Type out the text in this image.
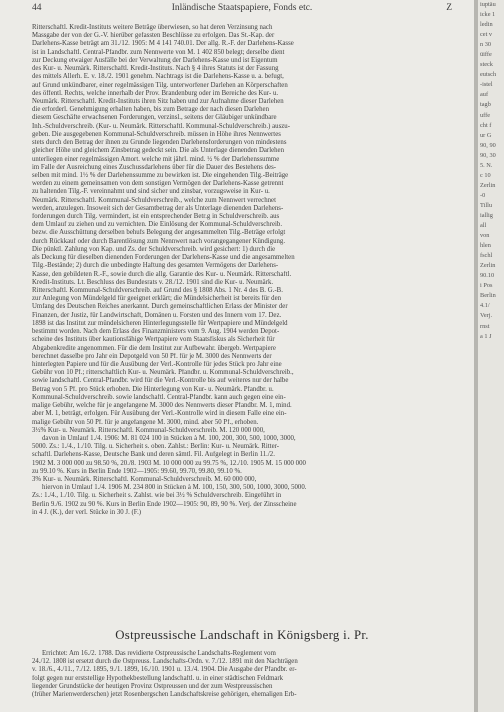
44	Inländische Staatspapiere, Fonds etc.	Z
Ritterschaftl. Kredit-Instituts weitere Beträge überwiesen, so hat deren Verzinsung nach
Massgabe der von der G.-V. hierüber gefassten Beschlüsse zu erfolgen. Das St.-Kap. der
Darlehens-Kasse beträgt am 31./12. 1905: M 4 141 740.01. Der allg. R.-F. der Darlehens-Kasse
ist in Landschaftl. Central-Pfandbr. zum Nennwerte von M. 1 402 850 belegt; derselbe dient
zur Deckung etwaiger Ausfälle bei der Verwaltung der Darlehens-Kasse und ist Eigentum
des Kur- u. Neumärk. Ritterschaftl. Kredit-Instituts. Nach § 4 ihres Statuts ist der Fassung
des mittels Allerh. E. v. 18./2. 1901 genehm. Nachtrags ist die Darlehens-Kasse u. a. befugt,
auf Grund unkündbarer, einer regelmässigen Tilg. unterworfener Darlehen an Körperschaften
des öffentl. Rechts, welche innerhalb der Prov. Brandenburg oder im Bereiche des Kur- u.
Neumärk. Ritterschaftl. Kredit-Instituts ihren Sitz haben und zur Aufnahme dieser Darlehen
die erforderl. Genehmigung erhalten haben, bis zum Betrage der nach diesen Darlehen
diesem Geschäfte erwachsenen Forderungen, verzinsl., seitens der Gläubiger unkündbare
Inh.-Schuldverschreib. (Kur- u. Neumärk. Ritterschaftl. Kommunal-Schuldverschreib.) auszu-
geben. Die ausgegebenen Kommunal-Schuldverschreib. müssen in Höhe ihres Nennwertes
stets durch den Betrag der ihnen zu Grunde liegenden Darlehensforderungen von mindestens
gleicher Höhe und gleichem Zinsbetrag gedeckt sein. Die als Unterlage dienenden Darlehen
unterliegen einer regelmässigen Amort. welche mit jährl. mind. ½ % der Darlehenssumme
im Falle der Ausreichung eines Zuschussdarlehens über für die Dauer des Bestehens des-
selben mit mind. 1½ % der Darlehenssumme zu bewirken ist. Die eingehenden Tilg.-Beiträge
werden zu einem gemeinsamen von dem sonstigen Vermögen der Darlehens-Kasse getrennt
zu haltenden Tilg.-F. vereinnahmt und sind sicher und zinsbar, vorzugsweise in Kur- u.
Neumärk. Ritterschaftl. Kommunal-Schuldverschreib., welche zum Nennwert verrechnet
werden, anzulegen. Insoweit sich der Gesamtbetrag der als Unterlage dienenden Darlehens-
forderungen durch Tilg. vermindert, ist ein entsprechender Betr.g in Schuldverschreib. aus
dem Umlauf zu ziehen und zu vernichten. Die Einlösung der Kommunal-Schuldverschreib.
bezw. die Ausschüttung derselben behufs Belegung der angesammelten Tilg.-Beträge erfolgt
durch Rückkauf oder durch Barentlösung zum Nennwert nach vorangegangener Kündigung.
Die pünktl. Zahlung von Kap. und Zs. der Schuldverschreib. wird gesichert: 1) durch die
als Deckung für dieselben dienenden Forderungen der Darlehens-Kasse und die angesammelten
Tilg.-Bestände; 2) durch die unbedingte Haftung des gesamten Vermögens der Darlehens-
Kasse, den gebildeten R.-F., sowie durch die allg. Garantie des Kur- u. Neumärk. Ritterschaftl.
Kredit-Instituts. Lt. Beschluss des Bundesrats v. 28./12. 1901 sind die Kur- u. Neumärk.
Ritterschaftl. Kommunal-Schuldverschreib. auf Grund des § 1808 Abs. 1 Nr. 4 des B. G.-B.
zur Anlegung von Mündelgeld für geeignet erklärt; die Mündelsicherheit ist bereits für den
Umfang des Deutschen Reiches anerkannt. Durch gemeinschaftlichen Erlass der Minister der
Finanzen, der Justiz, für Landwirtschaft, Domänen u. Forsten und des Innern vom 17. Dez.
1898 ist das Institut zur mündelsicheren Hinterlegungsstelle für Wertpapiere und Mündelgeld
bestimmt worden. Nach dem Erlass des Finanzministers vom 9. Aug. 1904 werden Depot-
scheine des Instituts über kautionsfähige Wertpapiere vom Staatsfiskus als Sicherheit für
Abgabenkredite angenommen. Für die dem Institut zur Aufbewahr. übergeb. Wertpapiere
berechnet dasselbe pro Jahr ein Depotgeld von 50 Pf. für je M. 3000 des Nennwerts der
hinterlegten Papiere und für die Ausübung der Verl.-Kontrolle für jedes Stück pro Jahr eine
Gebühr von 10 Pf.; ritterschaftlich Kur- u. Neumärk. Pfandbr. u. Kommunal-Schuldverschreib.,
sowie landschaftl. Central-Pfandbr. wird für die Verl.-Kontrolle bis auf weiteres nur der halbe
Betrag von 5 Pf. pro Stück erhoben. Die Hinterlegung von Kur- u. Neumärk. Pfandbr. u.
Kommunal-Schuldverschreib. sowie landschaftl. Central-Pfandbr. kann auch gegen eine ein-
malige Gebühr, welche für je angefangene M. 3000 des Nennwerts dieser Pfandbr. M. 1, mind.
aber M. 1, beträgt, erfolgen. Für Ausübung der Verl.-Kontrolle wird in diesem Falle eine ein-
malige Gebühr von 50 Pf. für je angefangene M. 3000, mind. aber 50 Pf., erhoben.
3½% Kur- u. Neumärk. Ritterschaftl. Kommunal-Schuldverschreib. M. 120 000 000,
davon in Umlauf 1./4. 1906: M. 81 024 100 in Stücken à M. 100, 200, 300, 500, 1000, 3000,
5000. Zs.: 1./4., 1./10. Tilg. u. Sicherheit s. oben. Zahlst.: Berlin: Kur- u. Neumärk. Ritter-
schaftl. Darlehens-Kasse, Deutsche Bank und deren sämtl. Fil. Aufgelegt in Berlin 11./2.
1902 M. 3 000 000 zu 98.50 %, 20./8. 1903 M. 10 000 000 zu 99.75 %, 12./10. 1905 M. 15 000 000
zu 99.10 %. Kurs in Berlin Ende 1902—1905: 99.60, 99.70, 99.80, 99.10 %.
3% Kur- u. Neumärk. Ritterschaftl. Kommunal-Schuldverschreib. M. 60 000 000,
hiervon in Umlauf 1./4. 1906 M. 234 800 in Stücken à M. 100, 150, 300, 500, 1000, 3000, 5000.
Zs.: 1./4., 1./10. Tilg. u. Sicherheit s. Zahlst. wie bei 3½ % Schuldverschreib. Eingeführt in
Berlin 9./6. 1902 zu 90 %. Kurs in Berlin Ende 1902—1905: 90, 89, 90 %. Verj. der Zinsscheine
in 4 J. (K.), der verl. Stücke in 30 J. (F.)
Ostpreussische Landschaft in Königsberg i. Pr.
Errichtet: Am 16./2. 1788. Das revidierte Ostpreussische Landschafts-Reglement vom
24./12. 1808 ist ersetzt durch die Ostpreuss. Landschafts-Ordn. v. 7./12. 1891 mit den Nachträgen
v. 18./6., 4./11., 7./12. 1895, 9./1. 1899, 16./10. 1901 u. 13./4. 1904. Die Ausgabe der Pfandbr. er-
folgt gegen nur erststellige Hypothekbestellung landschaftl. u. in einer städtischen Feldmark
liegender Grundstücke der heutigen Provinz Ostpreussen und der zum Westpreussischen
(früher Marienwerderschen) jetzt Rosenbergschen Landschaftskreise gehörigen, ehemaligen Erb-
iuptäu
icke 1
ledin
cet v
n 30
üiffe
steck
eutsch
-istel
auf
tagb
uffe
cht f
ur G
90, 90
90, 30
5. N.
c 10
Zerlin
-0
Tillu
iallig
all
von
hlen
fschl
Zerlin
90.10
i Pos
Berlin
4.1/
Verj.
rnst
a 1 J
